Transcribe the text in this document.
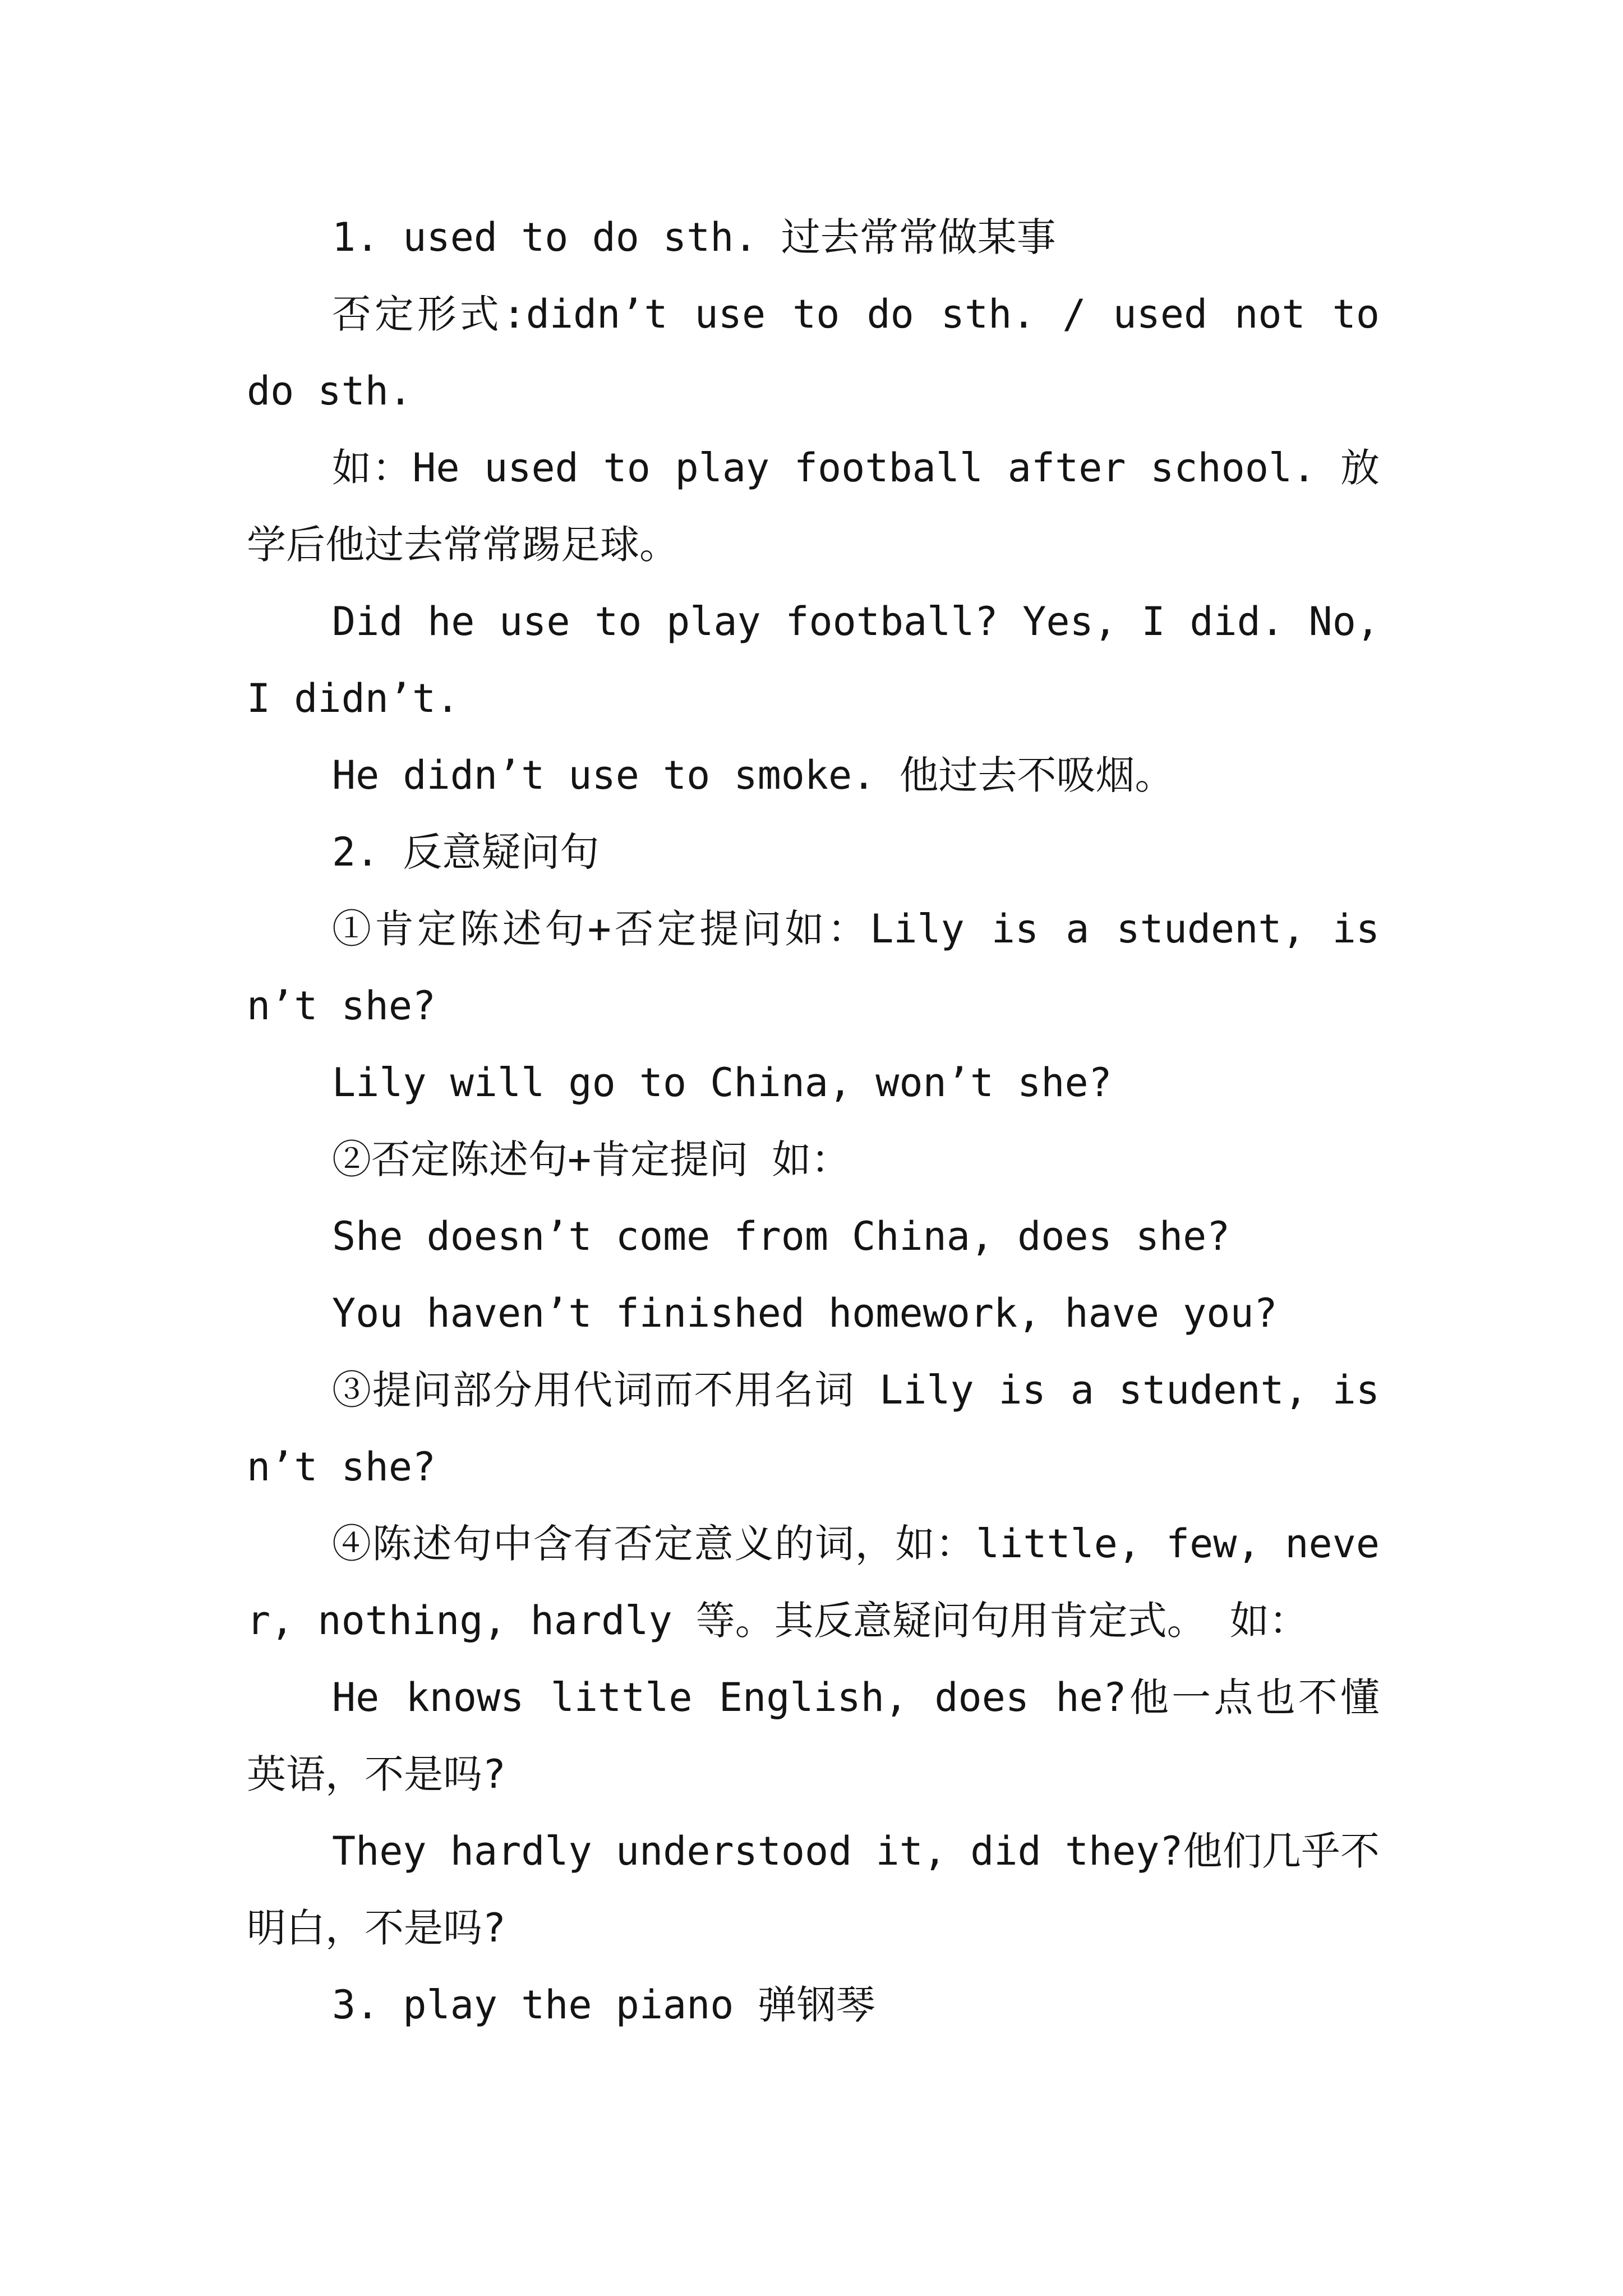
1. used to do sth. 过去常常做某事

否定形式:didn’t use to do sth. / used not to do sth.

如：He used to play football after school. 放学后他过去常常踢足球。

Did he use to play football? Yes, I did. No, I didn’t.

He didn’t use to smoke. 他过去不吸烟。

2. 反意疑问句

①肯定陈述句+否定提问如：Lily is a student, isn’t she?

Lily will go to China, won’t she?

②否定陈述句+肯定提问 如：

She doesn’t come from China, does she?

You haven’t finished homework, have you?

③提问部分用代词而不用名词 Lily is a student, isn’t she?

④陈述句中含有否定意义的词，如：little, few, never, nothing, hardly 等。其反意疑问句用肯定式。 如：

He knows little English, does he?他一点也不懂英语，不是吗?

They hardly understood it, did they?他们几乎不明白，不是吗?

3. play the piano 弹钢琴
